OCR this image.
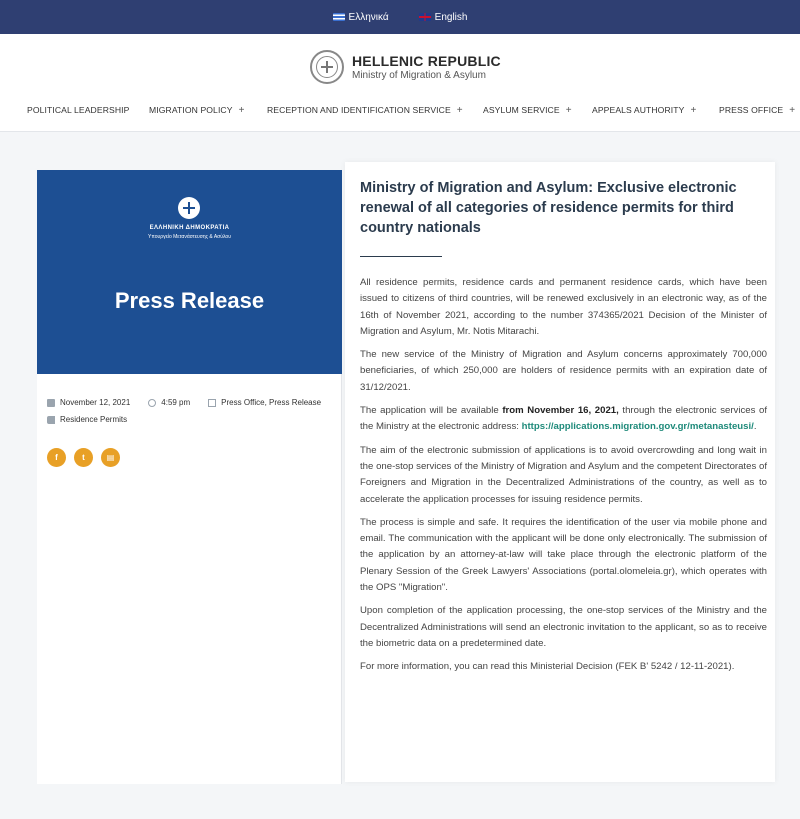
Ελληνικά	English
HELLENIC REPUBLIC
Ministry of Migration & Asylum
POLITICAL LEADERSHIP MIGRATION POLICY +	RECEPTION AND IDENTIFICATION SERVICE + ASYLUM SERVICE + APPEALS AUTHORITY +	PRESS OFFICE +
ΕΛΛΗΝΙΚΗ ΔΗΜΟΚΡΑΤΙΑ
Υπουργείο Μετανάστευσης & Ασύλου
Press Release
November 12, 2021	4:59 pm	Press Office, Press Release
Residence Permits
f	t	▤
Ministry of Migration and Asylum: Exclusive electronic renewal of all categories of residence permits for third country nationals

All residence permits, residence cards and permanent residence cards, which have been issued to citizens of third countries, will be renewed exclusively in an electronic way, as of the 16th of November 2021, according to the number 374365/2021 Decision of the Minister of Migration and Asylum, Mr. Notis Mitarachi.

The new service of the Ministry of Migration and Asylum concerns approximately 700,000 beneficiaries, of which 250,000 are holders of residence permits with an expiration date of 31/12/2021.

The application will be available from November 16, 2021, through the electronic services of the Ministry at the electronic address: https://applications.migration.gov.gr/metanasteusi/.

The aim of the electronic submission of applications is to avoid overcrowding and long wait in the one-stop services of the Ministry of Migration and Asylum and the competent Directorates of Foreigners and Migration in the Decentralized Administrations of the country, as well as to accelerate the application processes for issuing residence permits.

The process is simple and safe. It requires the identification of the user via mobile phone and email. The communication with the applicant will be done only electronically. The submission of the application by an attorney-at-law will take place through the electronic platform of the Plenary Session of the Greek Lawyers' Associations (portal.olomeleia.gr), which operates with the OPS "Migration".

Upon completion of the application processing, the one-stop services of the Ministry and the Decentralized Administrations will send an electronic invitation to the applicant, so as to receive the biometric data on a predetermined date.

For more information, you can read this Ministerial Decision (FEK B' 5242 / 12-11-2021).
